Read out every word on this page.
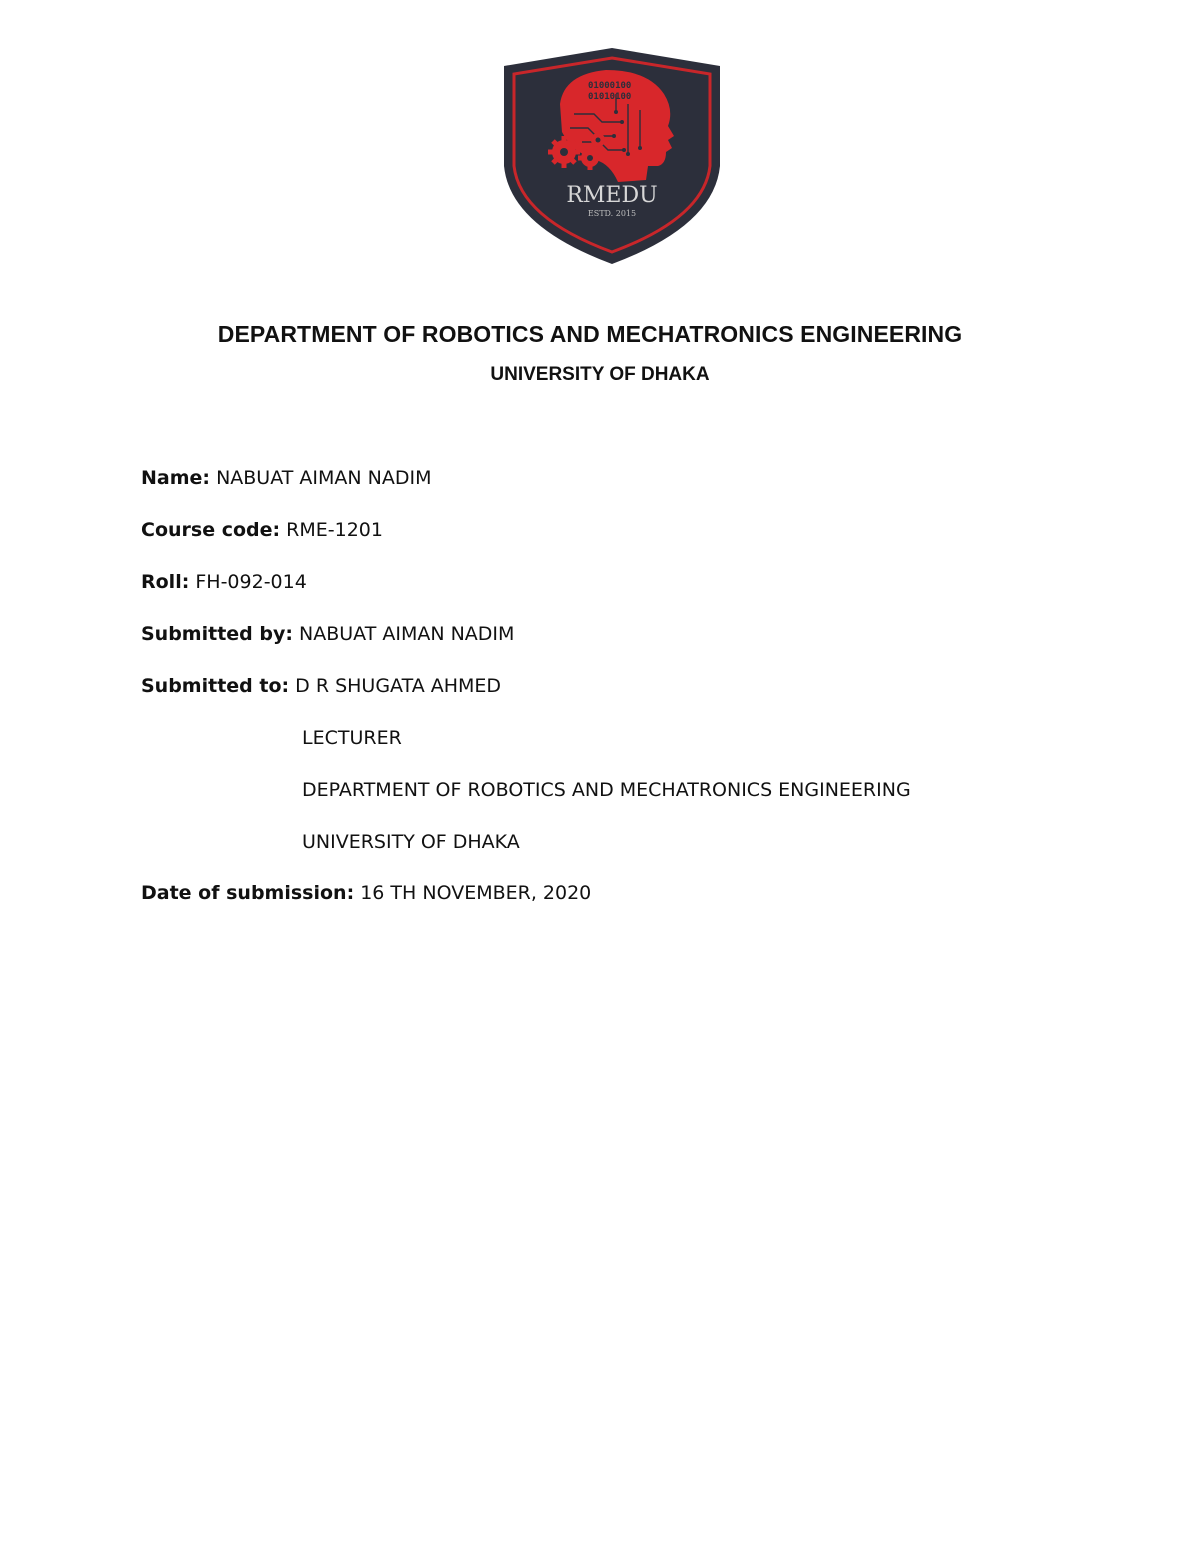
01000100
01010100
RMEDU
ESTD. 2015
DEPARTMENT OF ROBOTICS AND MECHATRONICS ENGINEERING
UNIVERSITY OF DHAKA
Name: NABUAT AIMAN NADIM
Course code: RME-1201
Roll: FH-092-014
Submitted by: NABUAT AIMAN NADIM
Submitted to: D R SHUGATA AHMED
LECTURER
DEPARTMENT OF ROBOTICS AND MECHATRONICS ENGINEERING
UNIVERSITY OF DHAKA
Date of submission: 16 TH NOVEMBER, 2020
